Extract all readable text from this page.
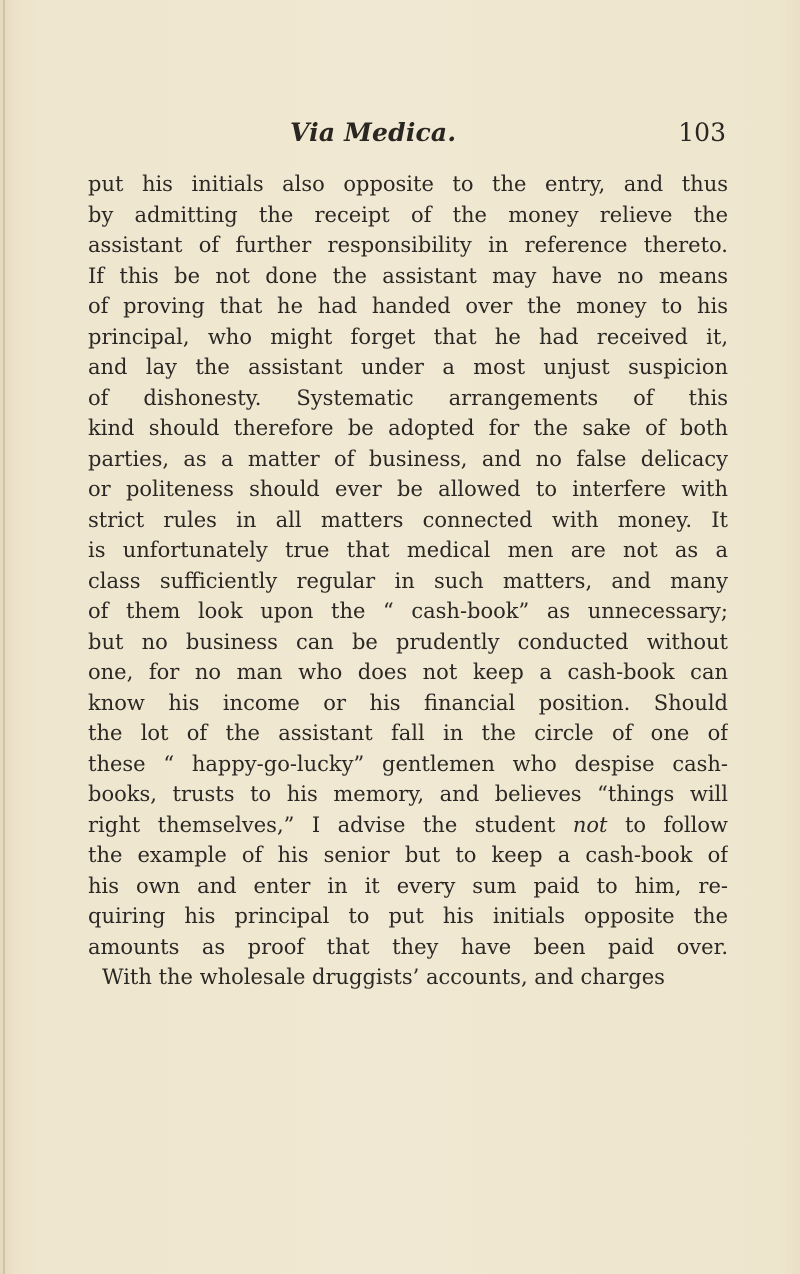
Via Medica.	103
put his initials also opposite to the entry, and thus
by admitting the receipt of the money relieve the
assistant of further responsibility in reference thereto.
If this be not done the assistant may have no means
of proving that he had handed over the money to his
principal, who might forget that he had received it,
and lay the assistant under a most unjust suspicion
of dishonesty. Systematic arrangements of this
kind should therefore be adopted for the sake of both
parties, as a matter of business, and no false delicacy
or politeness should ever be allowed to interfere with
strict rules in all matters connected with money. It
is unfortunately true that medical men are not as a
class sufficiently regular in such matters, and many
of them look upon the “ cash-book” as unnecessary;
but no business can be prudently conducted without
one, for no man who does not keep a cash-book can
know his income or his financial position. Should
the lot of the assistant fall in the circle of one of
these “ happy-go-lucky” gentlemen who despise cash-
books, trusts to his memory, and believes “things will
right themselves,” I advise the student not to follow
the example of his senior but to keep a cash-book of
his own and enter in it every sum paid to him, re-
quiring his principal to put his initials opposite the
amounts as proof that they have been paid over.
With the wholesale druggists’ accounts, and charges
